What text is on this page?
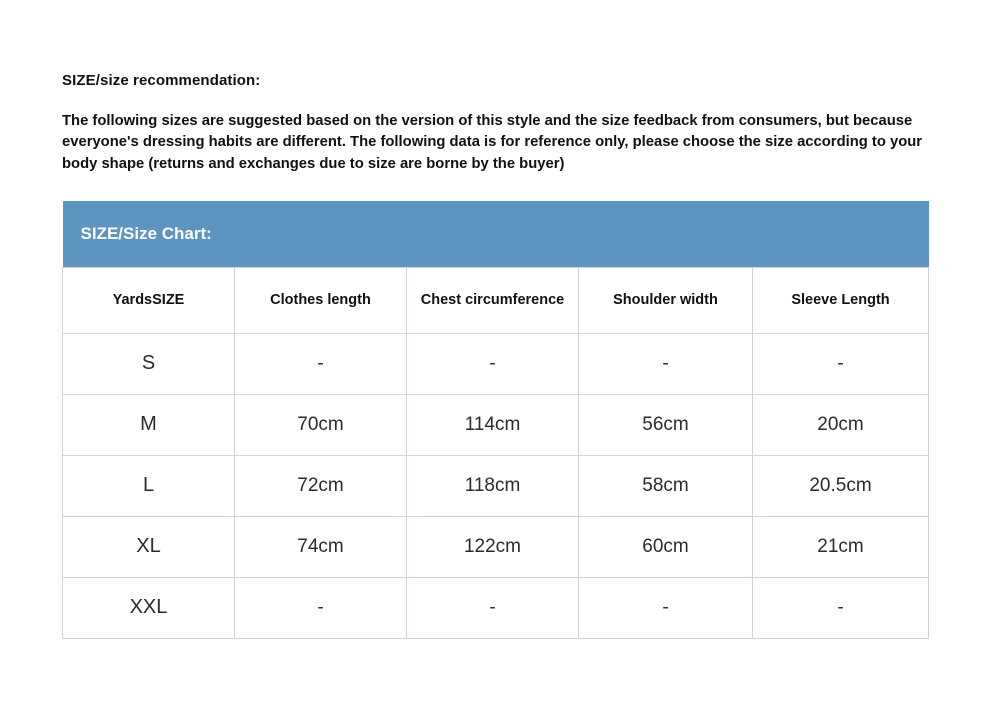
SIZE/size recommendation:
The following sizes are suggested based on the version of this style and the size feedback from consumers, but because everyone's dressing habits are different. The following data is for reference only, please choose the size according to your body shape (returns and exchanges due to size are borne by the buyer)
SIZE/Size Chart:				
YardsSIZE	Clothes length	Chest circumference	Shoulder width	Sleeve Length
S	-	-	-	-
M	70cm	114cm	56cm	20cm
L	72cm	118cm	58cm	20.5cm
XL	74cm	122cm	60cm	21cm
XXL	-	-	-	-
